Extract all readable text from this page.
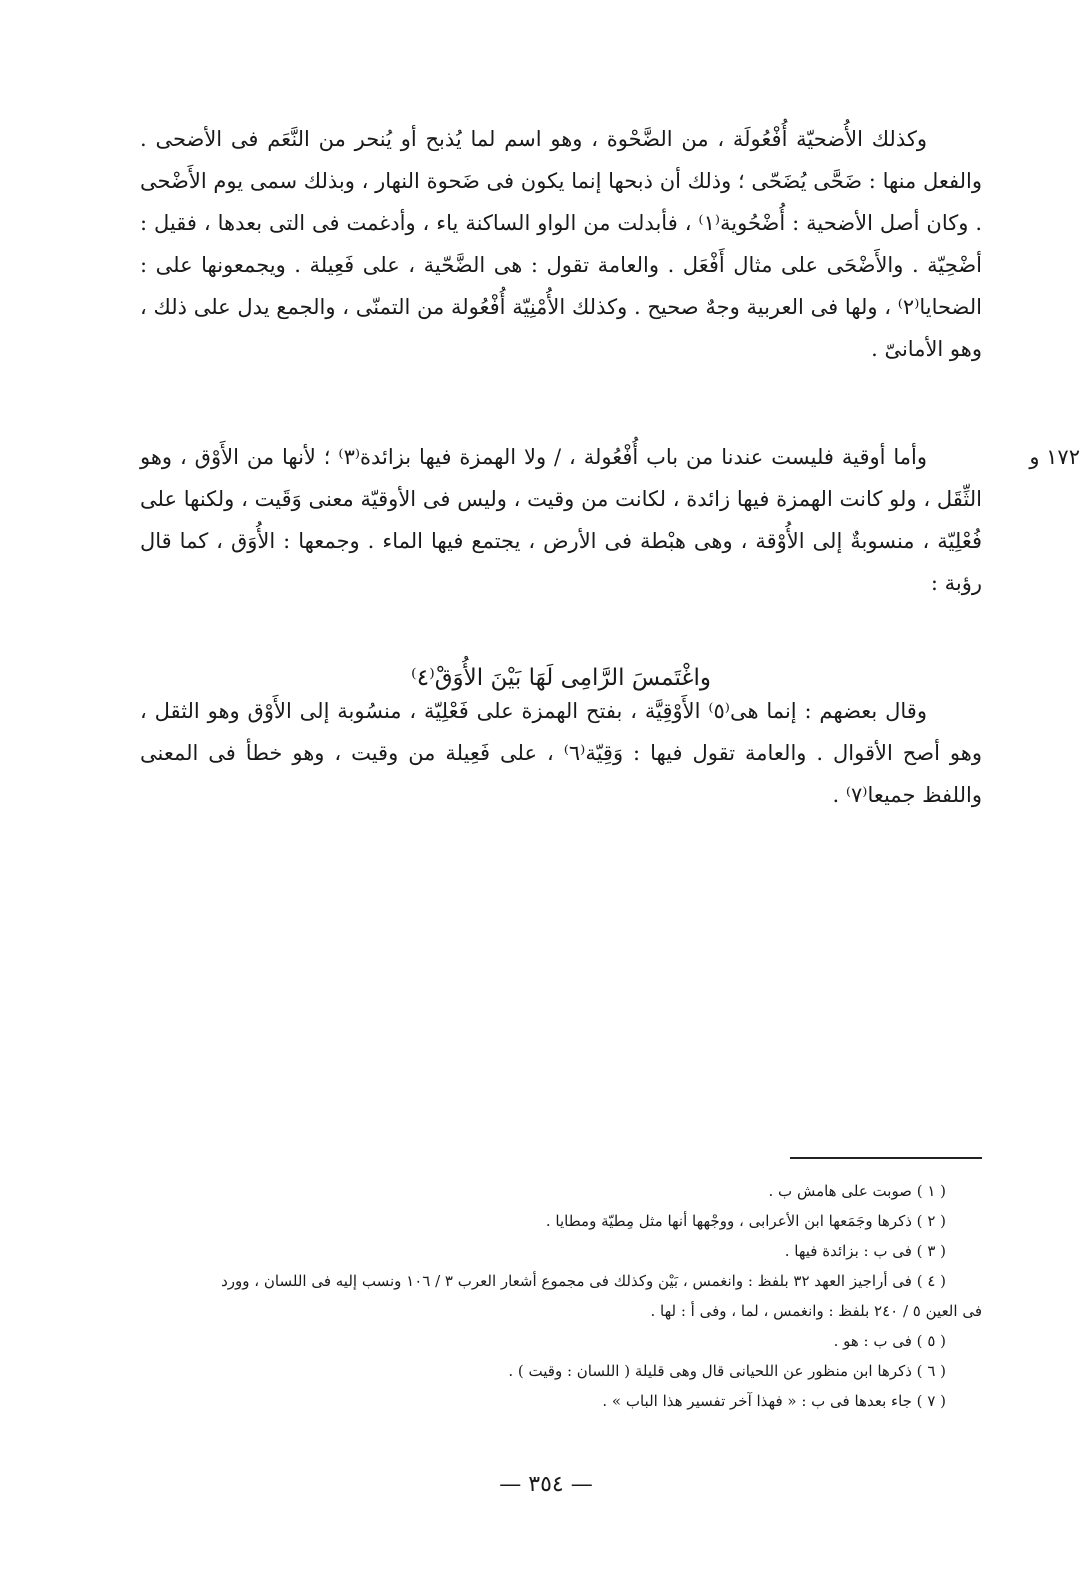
وكذلك الأُضحيّة أُفْعُولَة ، من الضَّحْوة ، وهو اسم لما يُذبح أو يُنحر من النَّعَم فى الأضحى . والفعل منها : ضَحَّى يُضَحّى ؛ وذلك أن ذبحها إنما يكون فى ضَحوة النهار ، وبذلك سمى يوم الأَضْحى . وكان أصل الأضحية : أُضْحُوية⁽١⁾ ، فأبدلت من الواو الساكنة ياء ، وأدغمت فى التى بعدها ، فقيل : أضْحِيّة . والأَضْحَى على مثال أَفْعَل . والعامة تقول : هى الضَّحّية ، على فَعِيلة . ويجمعونها على : الضحايا⁽٢⁾ ، ولها فى العربية وجهٌ صحيح . وكذلك الأُمْنِيّة أُفْعُولة من التمنّى ، والجمع يدل على ذلك ، وهو الأمانىّ .

١٧٢ و

وأما أوقية فليست عندنا من باب أُفْعُولة ، / ولا الهمزة فيها بزائدة⁽٣⁾ ؛ لأنها من الأَوْق ، وهو الثِّقَل ، ولو كانت الهمزة فيها زائدة ، لكانت من وقيت ، وليس فى الأوقيّة معنى وَقَيت ، ولكنها على فُعْلِيّة ، منسوبةٌ إلى الأُوْقة ، وهى هبْطة فى الأرض ، يجتمع فيها الماء . وجمعها : الأُوَق ، كما قال رؤبة :

واغْتَمسَ الرَّامِى لَهَا بَيْنَ الأُوَقْ⁽٤⁾

وقال بعضهم : إنما هى⁽٥⁾ الأَوْقِيَّة ، بفتح الهمزة على فَعْلِيّة ، منسُوبة إلى الأَوْق وهو الثقل ، وهو أصح الأقوال . والعامة تقول فيها : وَقِيّة⁽٦⁾ ، على فَعِيلة من وقيت ، وهو خطأ فى المعنى واللفظ جميعا⁽٧⁾ .

( ١ ) صوبت على هامش ب .

( ٢ ) ذكرها وجَمَعها ابن الأعرابى ، ووجْهها أنها مثل مِطيّة ومطايا .

( ٣ ) فى ب : بزائدة فيها .

( ٤ ) فى أراجيز العهد ٣٢ بلفظ : وانغمس ، بَيْن وكذلك فى مجموع أشعار العرب ٣ / ١٠٦ ونسب إليه فى اللسان ، وورد

فى العين ٥ / ٢٤٠ بلفظ : وانغمس ، لما ، وفى أ : لها .

( ٥ ) فى ب : هو .

( ٦ ) ذكرها ابن منظور عن اللحيانى قال وهى قليلة ( اللسان : وقيت ) .

( ٧ ) جاء بعدها فى ب : « فهذا آخر تفسير هذا الباب » .

— ٣٥٤ —
